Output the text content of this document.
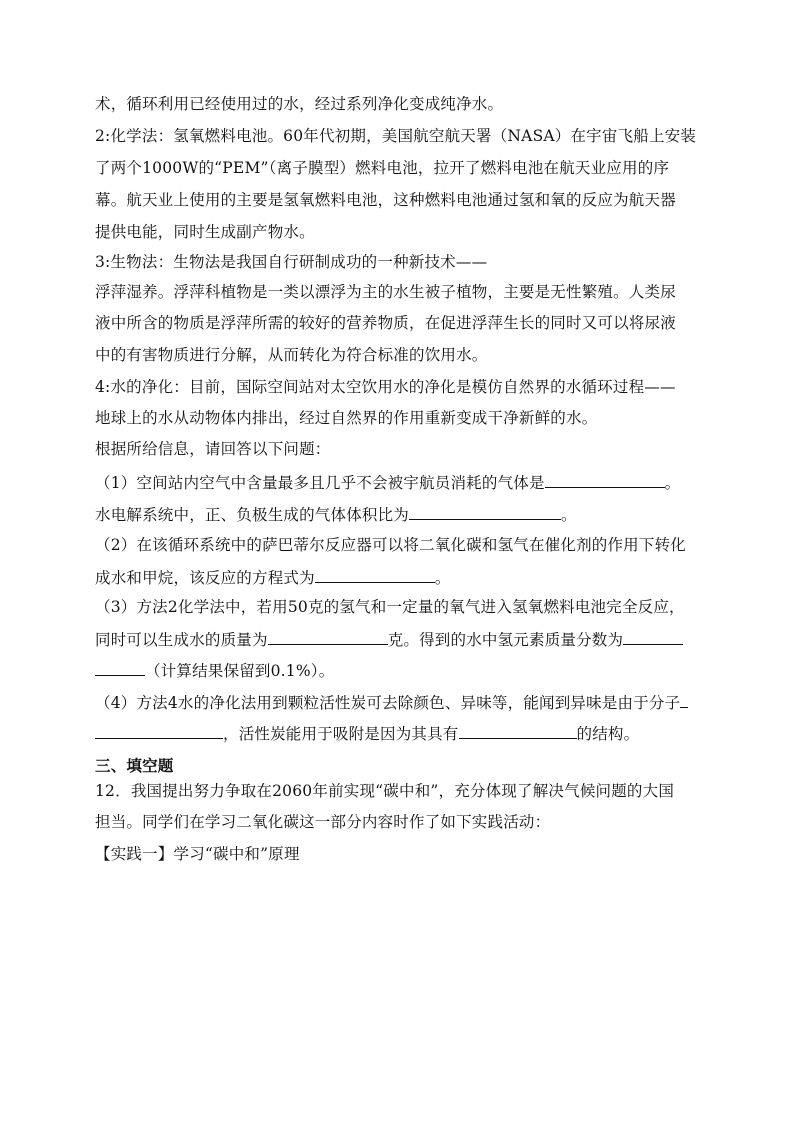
术，循环利用已经使用过的水，经过系列净化变成纯净水。
2:化学法：氢氧燃料电池。60年代初期，美国航空航天署（NASA）在宇宙飞船上安装
了两个1000W的“PEM”（离子膜型）燃料电池，拉开了燃料电池在航天业应用的序
幕。航天业上使用的主要是氢氧燃料电池，这种燃料电池通过氢和氧的反应为航天器
提供电能，同时生成副产物水。
3:生物法：生物法是我国自行研制成功的一种新技术——
浮萍湿养。浮萍科植物是一类以漂浮为主的水生被子植物，主要是无性繁殖。人类尿
液中所含的物质是浮萍所需的较好的营养物质，在促进浮萍生长的同时又可以将尿液
中的有害物质进行分解，从而转化为符合标准的饮用水。
4:水的净化：目前，国际空间站对太空饮用水的净化是模仿自然界的水循环过程——
地球上的水从动物体内排出，经过自然界的作用重新变成干净新鲜的水。
根据所给信息，请回答以下问题：
（1）空间站内空气中含量最多且几乎不会被宇航员消耗的气体是	。
水电解系统中，正、负极生成的气体体积比为	。
（2）在该循环系统中的萨巴蒂尔反应器可以将二氧化碳和氢气在催化剂的作用下转化
成水和甲烷，该反应的方程式为	。
（3）方法2化学法中，若用50克的氢气和一定量的氧气进入氢氧燃料电池完全反应，
同时可以生成水的质量为	克。得到的水中氢元素质量分数为
（计算结果保留到0.1%）。
（4）方法4水的净化法用到颗粒活性炭可去除颜色、异味等，能闻到异味是由于分子
，活性炭能用于吸附是因为其具有	的结构。
三、填空题
12．我国提出努力争取在2060年前实现“碳中和”，充分体现了解决气候问题的大国
担当。同学们在学习二氧化碳这一部分内容时作了如下实践活动：
【实践一】学习“碳中和”原理
